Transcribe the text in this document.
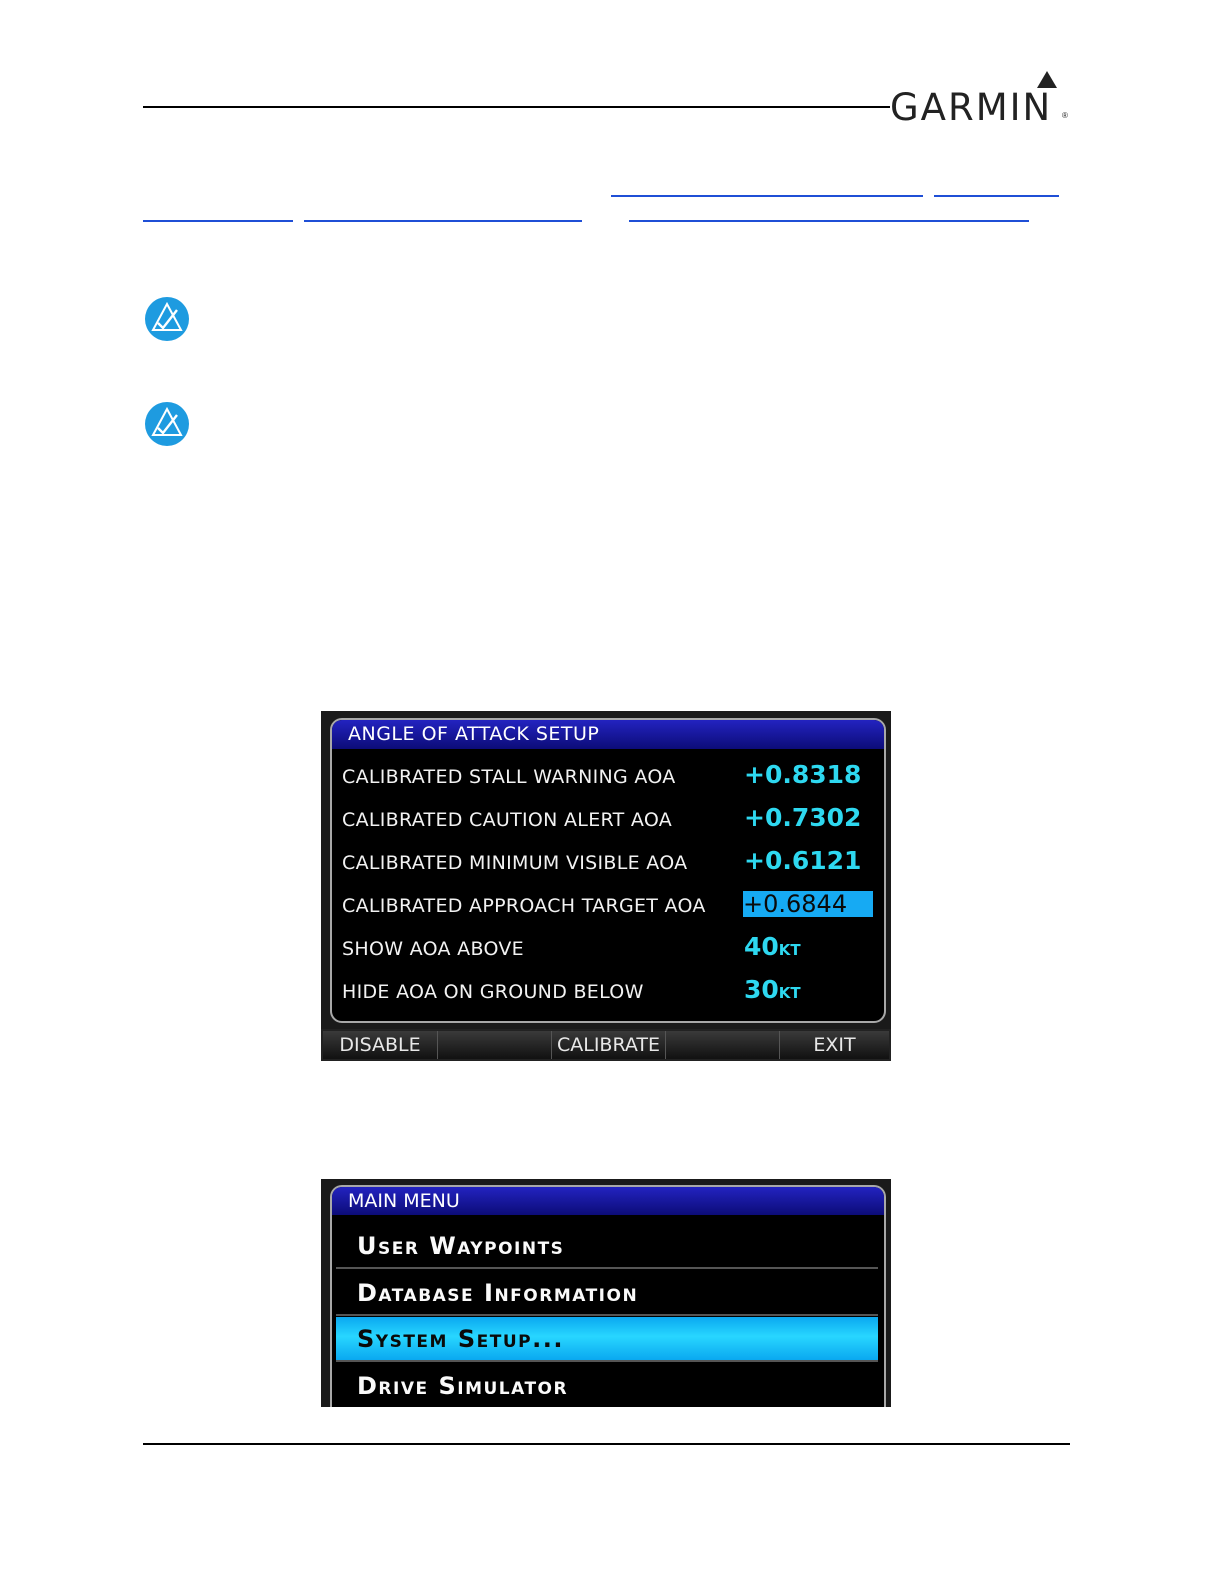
GARMIN ®
ANGLE OF ATTACK SETUP
CALIBRATED STALL WARNING AOA	+0.8318
CALIBRATED CAUTION ALERT AOA	+0.7302
CALIBRATED MINIMUM VISIBLE AOA +0.6121
CALIBRATED APPROACH TARGET AOA +0.6844
SHOW AOA ABOVE	40KT
HIDE AOA ON GROUND BELOW	30KT
DISABLE	CALIBRATE	EXIT
MAIN MENU
User Waypoints
Database Information
System Setup...
Drive Simulator
